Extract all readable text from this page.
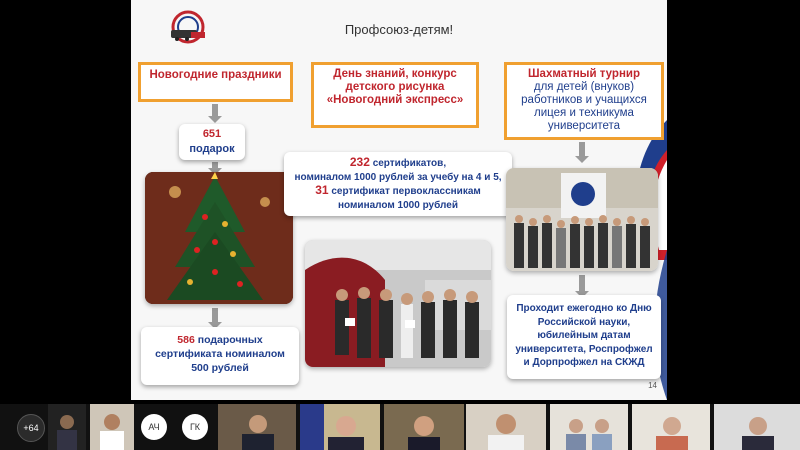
Профсоюз-детям!
Новогодние праздники	День знаний, конкурс детского рисунка «Новогодний экспресс»
Шахматный турнир
для детей (внуков) работников и учащихся лицея и техникума университета
651
подарок
586 подарочных сертификата номиналом 500 рублей
232 сертификатов,
номиналом 1000 рублей за учебу на 4 и 5,
31 сертификат первоклассникам
номиналом 1000 рублей
Проходит ежегодно ко Дню Российской науки, юбилейным датам университета, Роспрофжел и Дорпрофжел на СКЖД
14
+64	АЧ	ГК
